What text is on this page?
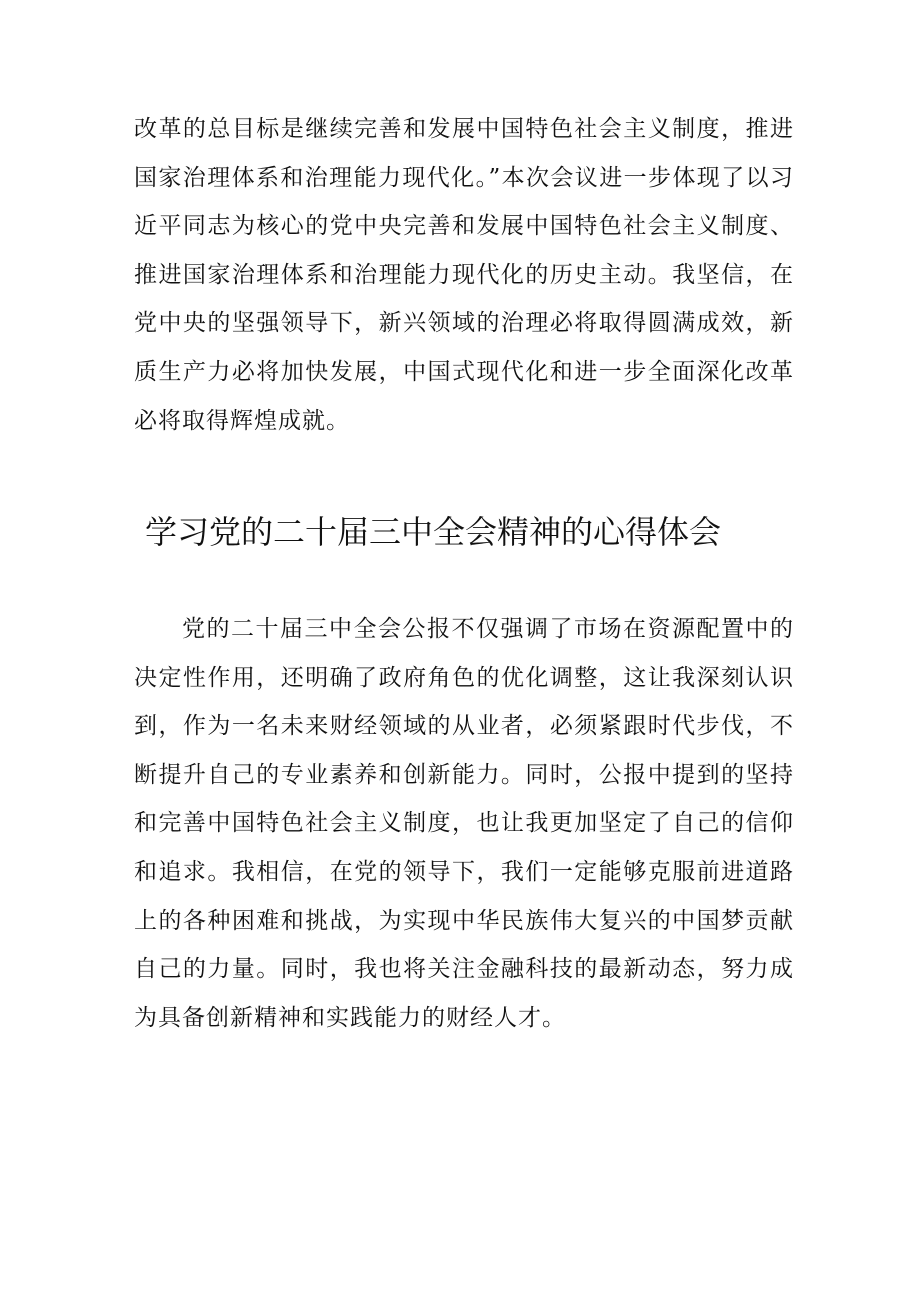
改革的总目标是继续完善和发展中国特色社会主义制度，推进国家治理体系和治理能力现代化。”本次会议进一步体现了以习近平同志为核心的党中央完善和发展中国特色社会主义制度、推进国家治理体系和治理能力现代化的历史主动。我坚信，在党中央的坚强领导下，新兴领域的治理必将取得圆满成效，新质生产力必将加快发展，中国式现代化和进一步全面深化改革必将取得辉煌成就。

学习党的二十届三中全会精神的心得体会

党的二十届三中全会公报不仅强调了市场在资源配置中的决定性作用，还明确了政府角色的优化调整，这让我深刻认识到，作为一名未来财经领域的从业者，必须紧跟时代步伐，不断提升自己的专业素养和创新能力。同时，公报中提到的坚持和完善中国特色社会主义制度，也让我更加坚定了自己的信仰和追求。我相信，在党的领导下，我们一定能够克服前进道路上的各种困难和挑战，为实现中华民族伟大复兴的中国梦贡献自己的力量。同时，我也将关注金融科技的最新动态，努力成为具备创新精神和实践能力的财经人才。
